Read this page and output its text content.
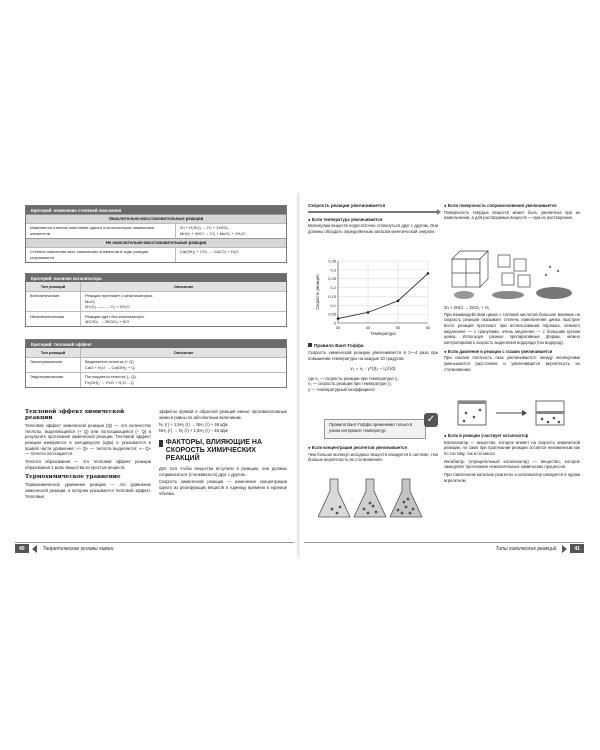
Критерий: изменение степеней окисления
Окислительно-восстановительные реакции
Изменяется степень окисления одного или нескольких химических элементов
Zn + H₂SO₄ → H₂ + ZnSO₄
MnO₂ + 4HCl → Cl₂ + MnCl₂ + 2H₂O
Не окислительно-восстановительные реакции
Степени окисления всех химических элементов в ходе реакции сохраняются
Ca(OH)₂ + CO₂ → CaCO₃ + H₂O
Критерий: наличие катализатора
Тип реакций	Описание
Каталитические	Реакция протекает с катализатором.
MnO₂
2H₂O₂ ——→ O₂ + 2H₂O
Некаталитические	Реакция идёт без катализатора.
4KClO₃ → 3KClO₄ + KCl
Критерий: тепловой эффект
Тип реакций	Описание
Экзотермические	Выделяется теплота (+ Q)
CaO + H₂O → Ca(OH)₂ + Q
Эндотермические	Поглощается теплота (– Q).
Fe(OH)₂ → FeO + H₂O – Q
Тепловой эффект химической реакции
Тепловой эффект химической реакции (Q) — это количество теплоты, выделяющейся (+ Q) или поглощающейся (– Q) в результате протекания химической реакции. Тепловой эффект реакции измеряется в килоджоулях (кДж) и указывается в правой части уравнения: «+ Q» — теплота выделяется; «– Q» — теплота поглощается.
Теплота образования — это тепловой эффект реакции образования 1 моль вещества из простых веществ.
Термохимическое уравнение
Термохимическое уравнение реакции — это уравнение химической реакции, в котором указывается тепловой эффект. Тепловые
эффекты прямой и обратной реакций имеют противоположные знаки и равны по абсолютным величинам.
N₂ (г) + 1,5H₂ (г) → NH₃ (г) + 46 кДж
NH₃ (г) → N₂ (г) + 1,5H₂ (г) – 46 кДж
ФАКТОРЫ, ВЛИЯЮЩИЕ НА СКОРОСТЬ ХИМИЧЕСКИХ РЕАКЦИЙ
Для того чтобы вещества вступили в реакцию, они должны соприкасаться (сталкиваться) друг с другом.
Скорость химической реакции — изменение концентрации одного из реагирующих веществ в единицу времени в единице объёма.
40	Теоретические основы химии
Скорость реакции увеличивается
● Если температура увеличивается
Молекулам веществ недостаточно столкнуться друг с другом. Они должны обладать определённым запасом кинетической энергии.
0
0,05
0,1
0,15
0,2
0,25
0,3
0,35
30	40	50	60
Температура
Скорость реакции
Правило Вант-Гоффа
Скорость химической реакции увеличивается в 2—4 раза при повышении температуры на каждые 10 градусов.
v₂ = v₁ · γ^((t₂ – t₁)/10)
где v₁ — скорость реакции при температуре t₁;
v₂ — скорость реакции при температуре t₂;
γ — температурный коэффициент.
Правило Вант-Гоффа применимо только в узком интервале температур.
✓
● Если концентрация реагентов увеличивается
Чем больше молекул исходных веществ находится в системе, тем больше вероятность их столкновения.
● Если поверхность соприкосновения увеличивается
Поверхность твёрдых веществ может быть увеличена при их измельчении, а для растворимых веществ — при их растворении.
Zn + 2HCl → ZnCl₂ + H₂
При взаимодействии цинка с соляной кислотой большое влияние на скорость реакции оказывает степень измельчения цинка. Быстрее всего реакция протекает при использовании порошка, немного медленнее — с гранулами, очень медленно — с большим куском цинка. Используя разные препаративные формы, можно контролировать скорость выделения водорода (газ водород).
● Если давление в реакции с газами увеличивается
При сжатии плотность газа увеличивается: между молекулами уменьшается расстояние и увеличивается вероятность их столкновения.
● Если в реакции участвует катализатор
Катализатор — вещество, которое влияет на скорость химической реакции, но само при протекании реакции остаётся неизменным как по составу, так и по массе.
Ингибитор (отрицательный катализатор) — вещество, которое замедляет протекание нежелательных химических процессов.
При гомогенном катализе реагенты и катализатор находятся в одном агрегатном
Типы химических реакций	41
